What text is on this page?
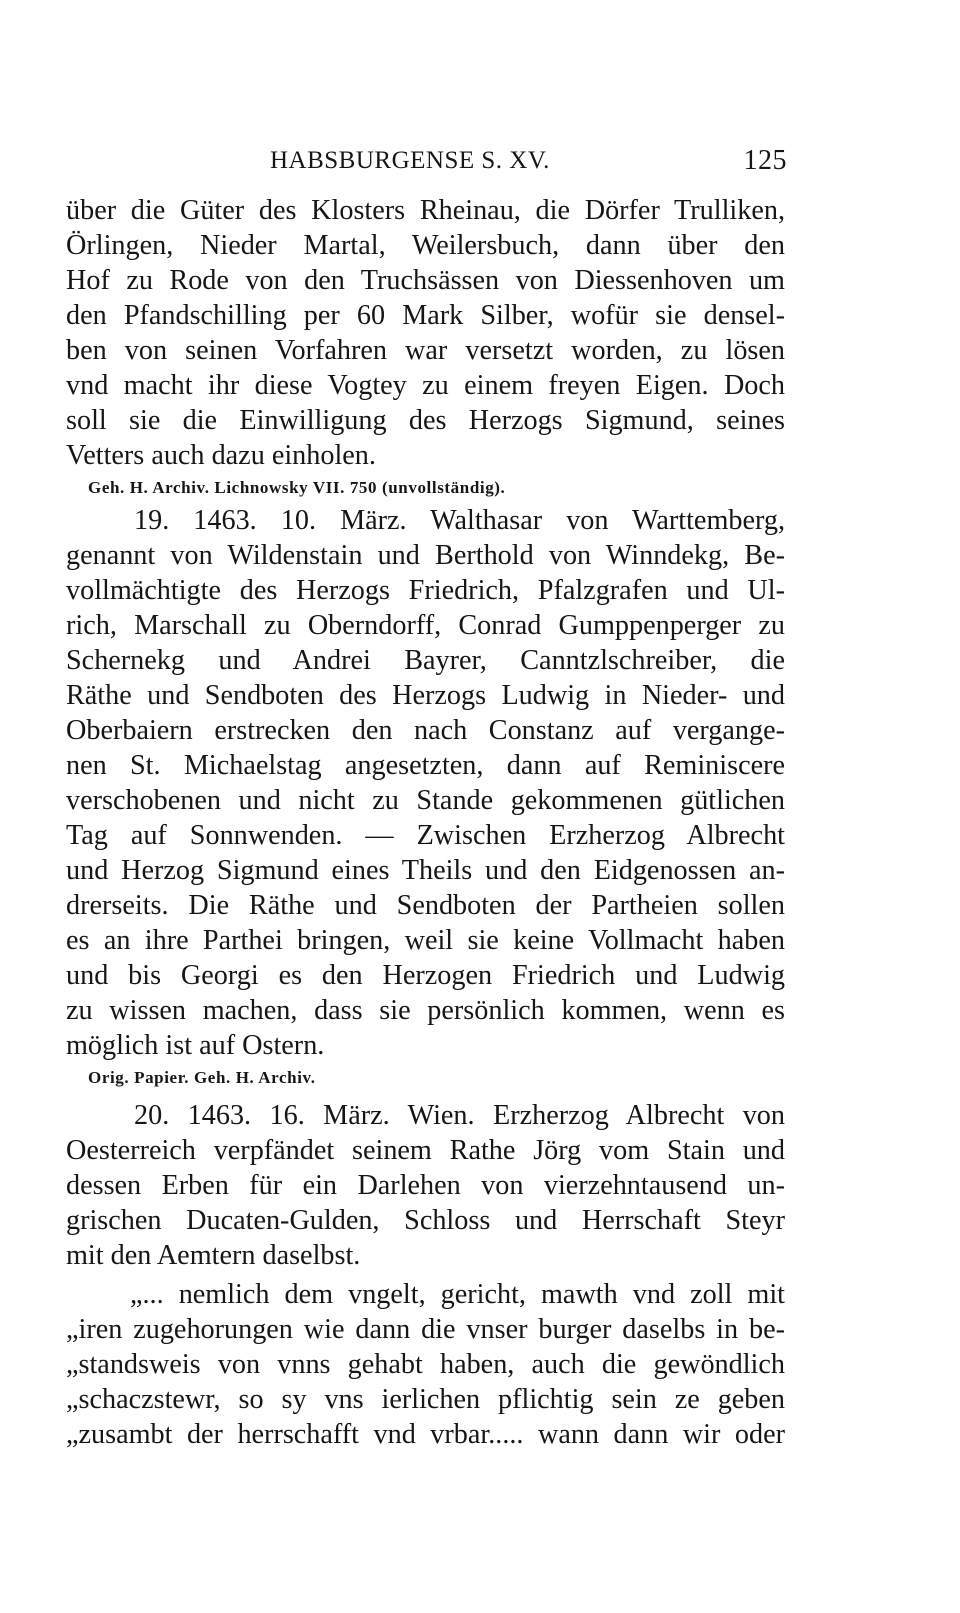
HABSBURGENSE S. XV.	125
über die Güter des Klosters Rheinau, die Dörfer Trulliken,
Örlingen, Nieder Martal, Weilersbuch, dann über den
Hof zu Rode von den Truchsässen von Diessenhoven um
den Pfandschilling per 60 Mark Silber, wofür sie densel-
ben von seinen Vorfahren war versetzt worden, zu lösen
vnd macht ihr diese Vogtey zu einem freyen Eigen. Doch
soll sie die Einwilligung des Herzogs Sigmund, seines
Vetters auch dazu einholen.
Geh. H. Archiv. Lichnowsky VII. 750 (unvollständig).
19. 1463. 10. März. Walthasar von Warttemberg,
genannt von Wildenstain und Berthold von Winndekg, Be-
vollmächtigte des Herzogs Friedrich, Pfalzgrafen und Ul-
rich, Marschall zu Oberndorff, Conrad Gumppenperger zu
Schernekg und Andrei Bayrer, Canntzlschreiber, die
Räthe und Sendboten des Herzogs Ludwig in Nieder- und
Oberbaiern erstrecken den nach Constanz auf vergange-
nen St. Michaelstag angesetzten, dann auf Reminiscere
verschobenen und nicht zu Stande gekommenen gütlichen
Tag auf Sonnwenden. — Zwischen Erzherzog Albrecht
und Herzog Sigmund eines Theils und den Eidgenossen an-
drerseits. Die Räthe und Sendboten der Partheien sollen
es an ihre Parthei bringen, weil sie keine Vollmacht haben
und bis Georgi es den Herzogen Friedrich und Ludwig
zu wissen machen, dass sie persönlich kommen, wenn es
möglich ist auf Ostern.
Orig. Papier. Geh. H. Archiv.
20. 1463. 16. März. Wien. Erzherzog Albrecht von
Oesterreich verpfändet seinem Rathe Jörg vom Stain und
dessen Erben für ein Darlehen von vierzehntausend un-
grischen Ducaten-Gulden, Schloss und Herrschaft Steyr
mit den Aemtern daselbst.
„... nemlich dem vngelt, gericht, mawth vnd zoll mit
„iren zugehorungen wie dann die vnser burger daselbs in be-
„standsweis von vnns gehabt haben, auch die gewöndlich
„schaczstewr, so sy vns ierlichen pflichtig sein ze geben
„zusambt der herrschafft vnd vrbar..... wann dann wir oder
